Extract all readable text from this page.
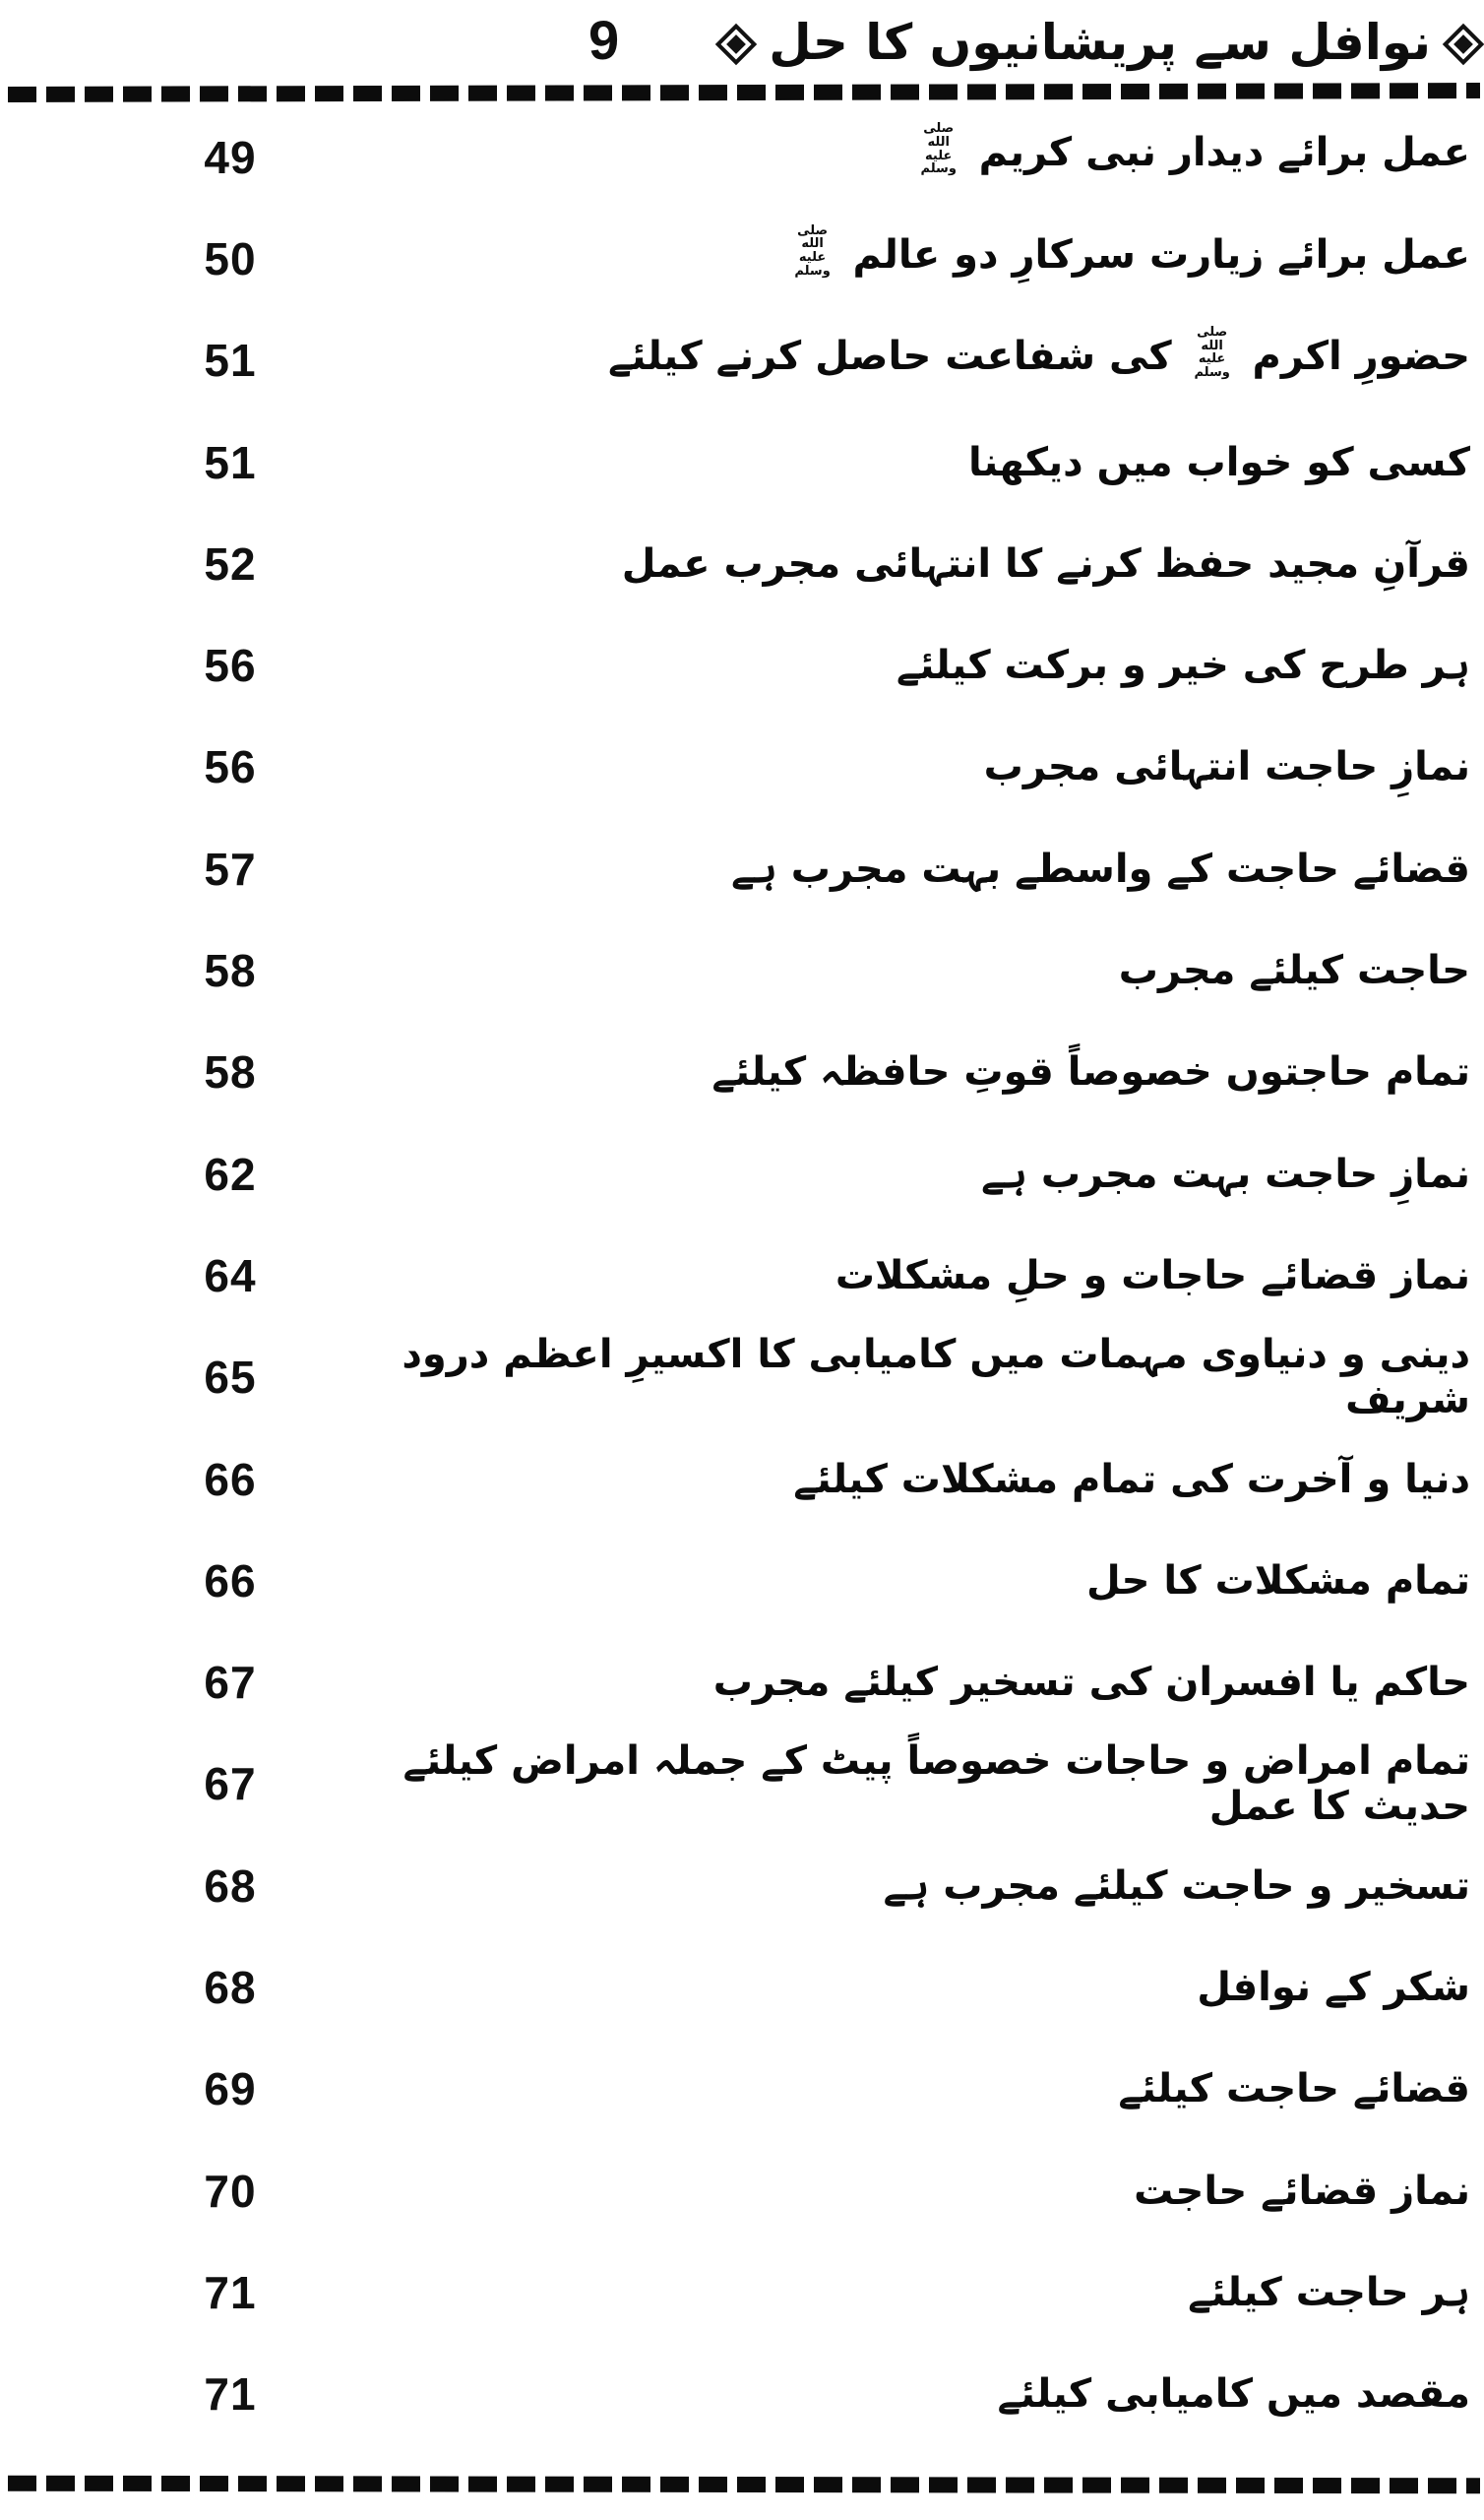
9	نوافل سے پریشانیوں کا حل
49	عمل برائے دیدار نبی کریم صلى الله عليه وسلم
50	عمل برائے زیارت سرکارِ دو عالم صلى الله عليه وسلم
51	حضورِ اکرم صلى الله عليه وسلم کی شفاعت حاصل کرنے کیلئے
51	کسی کو خواب میں دیکھنا
52	قرآنِ مجید حفظ کرنے کا انتہائی مجرب عمل
56	ہر طرح کی خیر و برکت کیلئے
56	نمازِ حاجت انتہائی مجرب
57	قضائے حاجت کے واسطے بہت مجرب ہے
58	حاجت کیلئے مجرب
58	تمام حاجتوں خصوصاً قوتِ حافظہ کیلئے
62	نمازِ حاجت بہت مجرب ہے
64	نماز قضائے حاجات و حلِ مشکلات
65	دینی و دنیاوی مہمات میں کامیابی کا اکسیرِ اعظم درود شریف
66	دنیا و آخرت کی تمام مشکلات کیلئے
66	تمام مشکلات کا حل
67	حاکم یا افسران کی تسخیر کیلئے مجرب
67	تمام امراض و حاجات خصوصاً پیٹ کے جملہ امراض کیلئے حدیث کا عمل
68	تسخیر و حاجت کیلئے مجرب ہے
68	شکر کے نوافل
69	قضائے حاجت کیلئے
70	نماز قضائے حاجت
71	ہر حاجت کیلئے
71	مقصد میں کامیابی کیلئے
